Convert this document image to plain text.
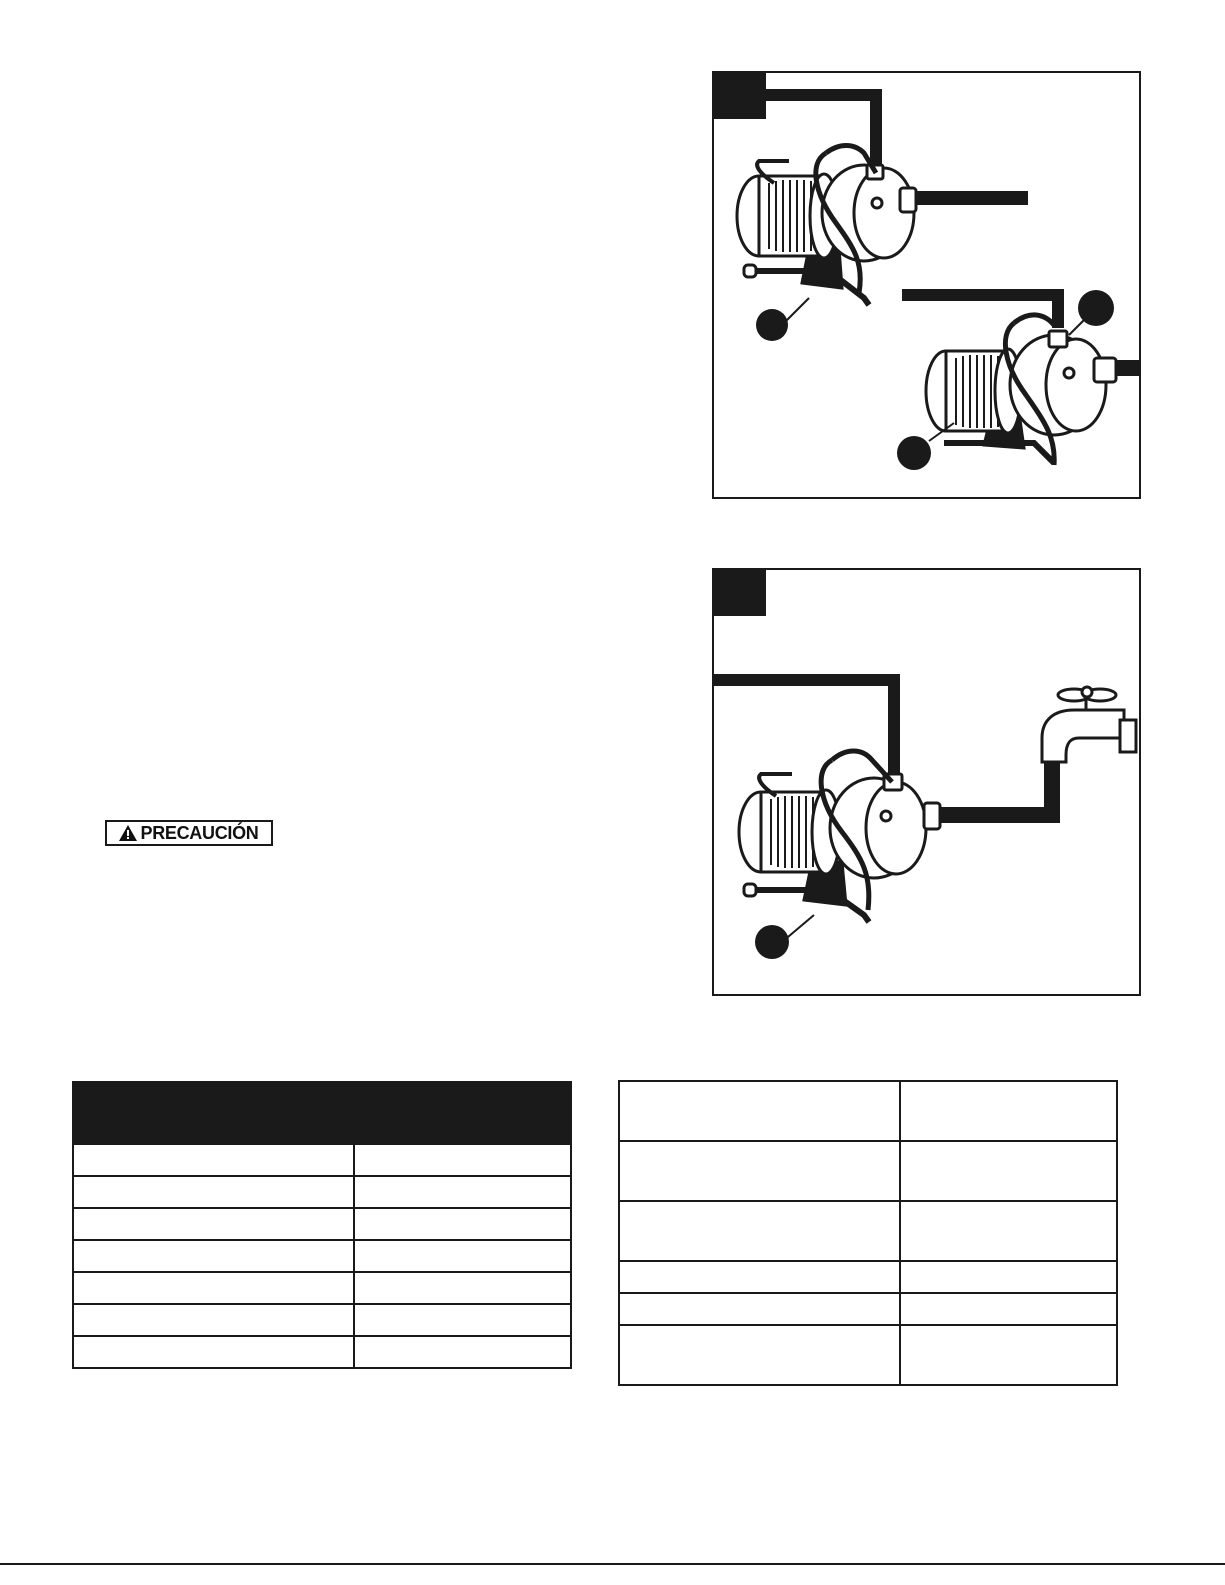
PRECAUCIÓN
